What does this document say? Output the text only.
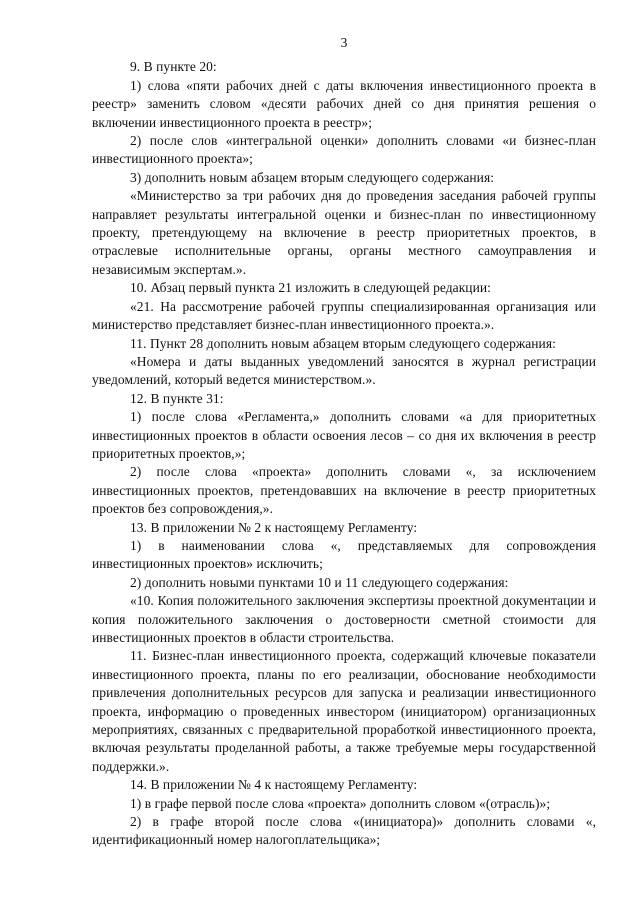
3

9. В пункте 20:

1) слова «пяти рабочих дней с даты включения инвестиционного проекта в реестр» заменить словом «десяти рабочих дней со дня принятия решения о включении инвестиционного проекта в реестр»;

2) после слов «интегральной оценки» дополнить словами «и бизнес-план инвестиционного проекта»;

3) дополнить новым абзацем вторым следующего содержания:

«Министерство за три рабочих дня до проведения заседания рабочей группы направляет результаты интегральной оценки и бизнес-план по инвестиционному проекту, претендующему на включение в реестр приоритетных проектов, в отраслевые исполнительные органы, органы местного самоуправления и независимым экспертам.».

10. Абзац первый пункта 21 изложить в следующей редакции:

«21. На рассмотрение рабочей группы специализированная организация или министерство представляет бизнес-план инвестиционного проекта.».

11. Пункт 28 дополнить новым абзацем вторым следующего содержания:

«Номера и даты выданных уведомлений заносятся в журнал регистрации уведомлений, который ведется министерством.».

12. В пункте 31:

1) после слова «Регламента,» дополнить словами «а для приоритетных инвестиционных проектов в области освоения лесов – со дня их включения в реестр приоритетных проектов,»;

2) после слова «проекта» дополнить словами «, за исключением инвестиционных проектов, претендовавших на включение в реестр приоритетных проектов без сопровождения,».

13. В приложении № 2 к настоящему Регламенту:

1) в наименовании слова «, представляемых для сопровождения инвестиционных проектов» исключить;

2) дополнить новыми пунктами 10 и 11 следующего содержания:

«10. Копия положительного заключения экспертизы проектной документации и копия положительного заключения о достоверности сметной стоимости для инвестиционных проектов в области строительства.

11. Бизнес-план инвестиционного проекта, содержащий ключевые показатели инвестиционного проекта, планы по его реализации, обоснование необходимости привлечения дополнительных ресурсов для запуска и реализации инвестиционного проекта, информацию о проведенных инвестором (инициатором) организационных мероприятиях, связанных с предварительной проработкой инвестиционного проекта, включая результаты проделанной работы, а также требуемые меры государственной поддержки.».

14. В приложении № 4 к настоящему Регламенту:

1) в графе первой после слова «проекта» дополнить словом «(отрасль)»;

2) в графе второй после слова «(инициатора)» дополнить словами «, идентификационный номер налогоплательщика»;
